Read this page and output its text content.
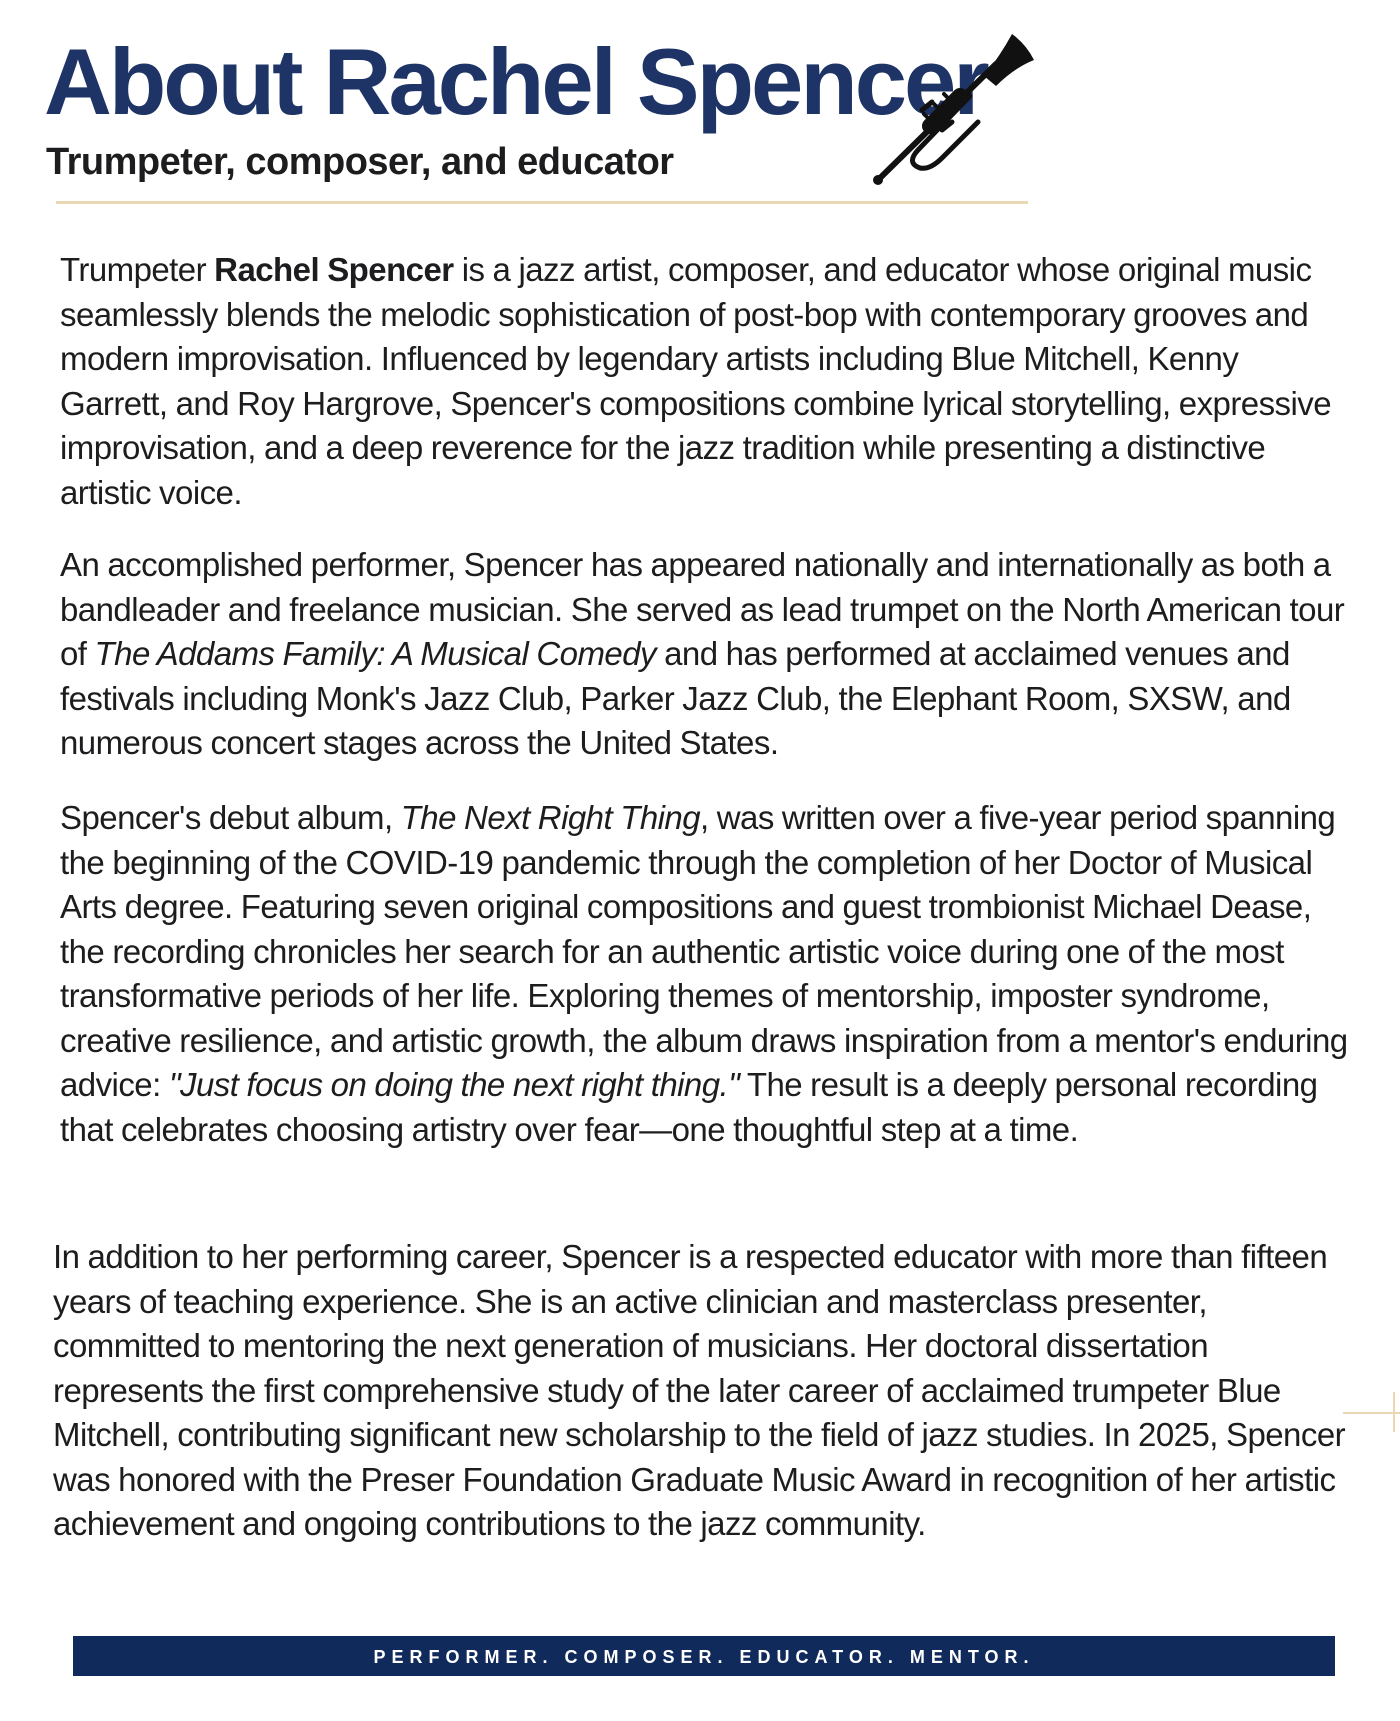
About Rachel Spencer
Trumpeter, composer, and educator

Trumpeter Rachel Spencer is a jazz artist, composer, and educator whose original music seamlessly blends the melodic sophistication of post-bop with contemporary grooves and modern improvisation. Influenced by legendary artists including Blue Mitchell, Kenny Garrett, and Roy Hargrove, Spencer's compositions combine lyrical storytelling, expressive improvisation, and a deep reverence for the jazz tradition while presenting a distinctive artistic voice.

An accomplished performer, Spencer has appeared nationally and internationally as both a bandleader and freelance musician. She served as lead trumpet on the North American tour of The Addams Family: A Musical Comedy and has performed at acclaimed venues and festivals including Monk's Jazz Club, Parker Jazz Club, the Elephant Room, SXSW, and numerous concert stages across the United States.

Spencer's debut album, The Next Right Thing, was written over a five-year period spanning the beginning of the COVID-19 pandemic through the completion of her Doctor of Musical Arts degree. Featuring seven original compositions and guest trombionist Michael Dease, the recording chronicles her search for an authentic artistic voice during one of the most transformative periods of her life. Exploring themes of mentorship, imposter syndrome, creative resilience, and artistic growth, the album draws inspiration from a mentor's enduring advice: "Just focus on doing the next right thing." The result is a deeply personal recording that celebrates choosing artistry over fear—one thoughtful step at a time.

In addition to her performing career, Spencer is a respected educator with more than fifteen years of teaching experience. She is an active clinician and masterclass presenter, committed to mentoring the next generation of musicians. Her doctoral dissertation represents the first comprehensive study of the later career of acclaimed trumpeter Blue Mitchell, contributing significant new scholarship to the field of jazz studies. In 2025, Spencer was honored with the Preser Foundation Graduate Music Award in recognition of her artistic achievement and ongoing contributions to the jazz community.

PERFORMER. COMPOSER. EDUCATOR. MENTOR.
